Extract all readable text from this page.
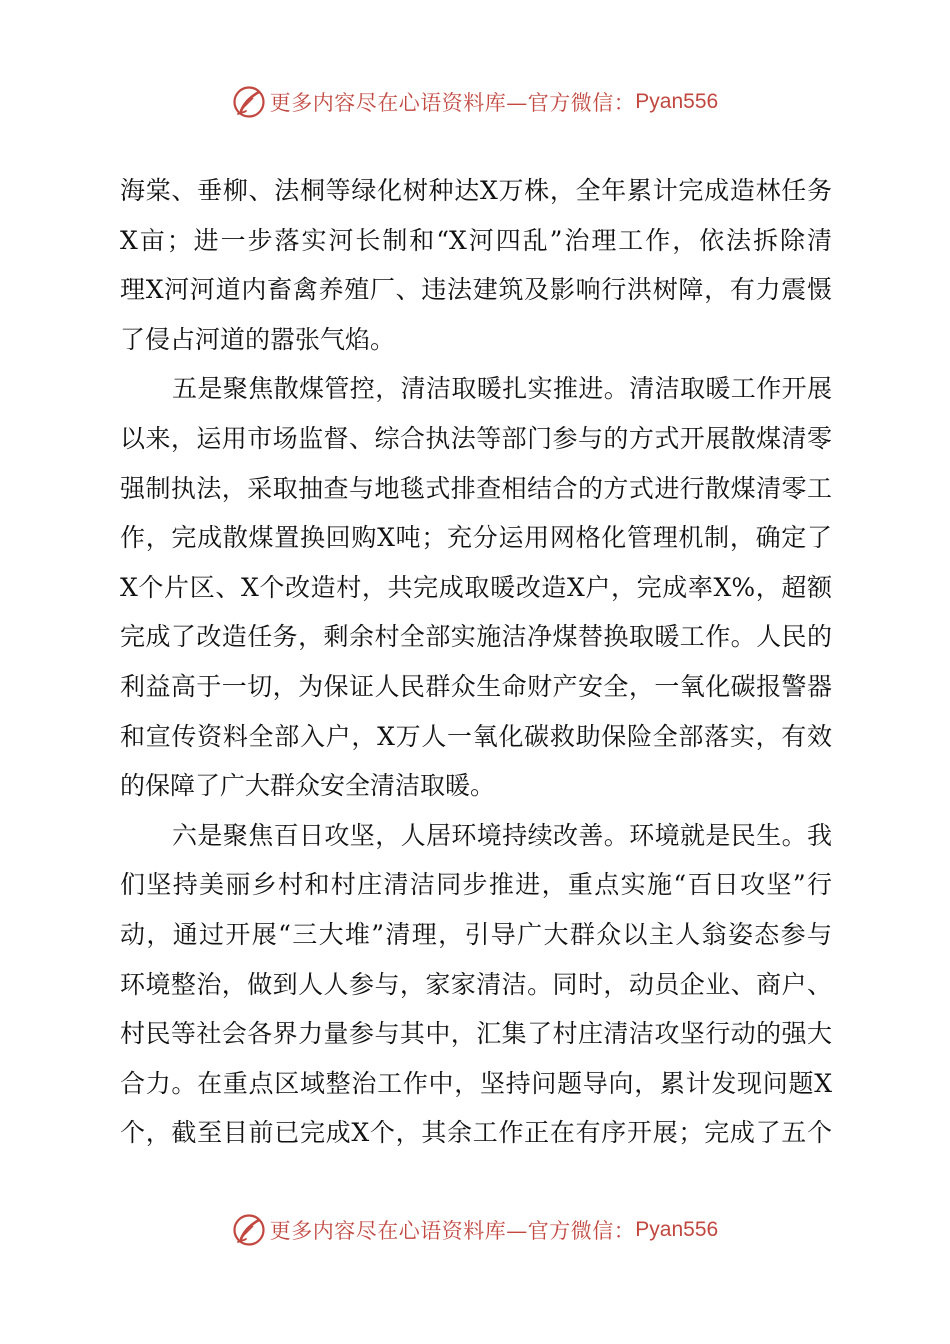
更多内容尽在心语资料库—官方微信： Pyan556
海棠、垂柳、法桐等绿化树种达X万株，全年累计完成造林任务
X亩；进一步落实河长制和“X河四乱”治理工作，依法拆除清
理X河河道内畜禽养殖厂、违法建筑及影响行洪树障，有力震慑
了侵占河道的嚣张气焰。
五是聚焦散煤管控，清洁取暖扎实推进。清洁取暖工作开展
以来，运用市场监督、综合执法等部门参与的方式开展散煤清零
强制执法，采取抽查与地毯式排查相结合的方式进行散煤清零工
作，完成散煤置换回购X吨；充分运用网格化管理机制，确定了
X个片区、X个改造村，共完成取暖改造X户，完成率X%，超额
完成了改造任务，剩余村全部实施洁净煤替换取暖工作。人民的
利益高于一切，为保证人民群众生命财产安全，一氧化碳报警器
和宣传资料全部入户，X万人一氧化碳救助保险全部落实，有效
的保障了广大群众安全清洁取暖。
六是聚焦百日攻坚，人居环境持续改善。环境就是民生。我
们坚持美丽乡村和村庄清洁同步推进，重点实施“百日攻坚”行
动，通过开展“三大堆”清理，引导广大群众以主人翁姿态参与
环境整治，做到人人参与，家家清洁。同时，动员企业、商户、
村民等社会各界力量参与其中，汇集了村庄清洁攻坚行动的强大
合力。在重点区域整治工作中，坚持问题导向，累计发现问题X
个，截至目前已完成X个，其余工作正在有序开展；完成了五个
更多内容尽在心语资料库—官方微信： Pyan556
